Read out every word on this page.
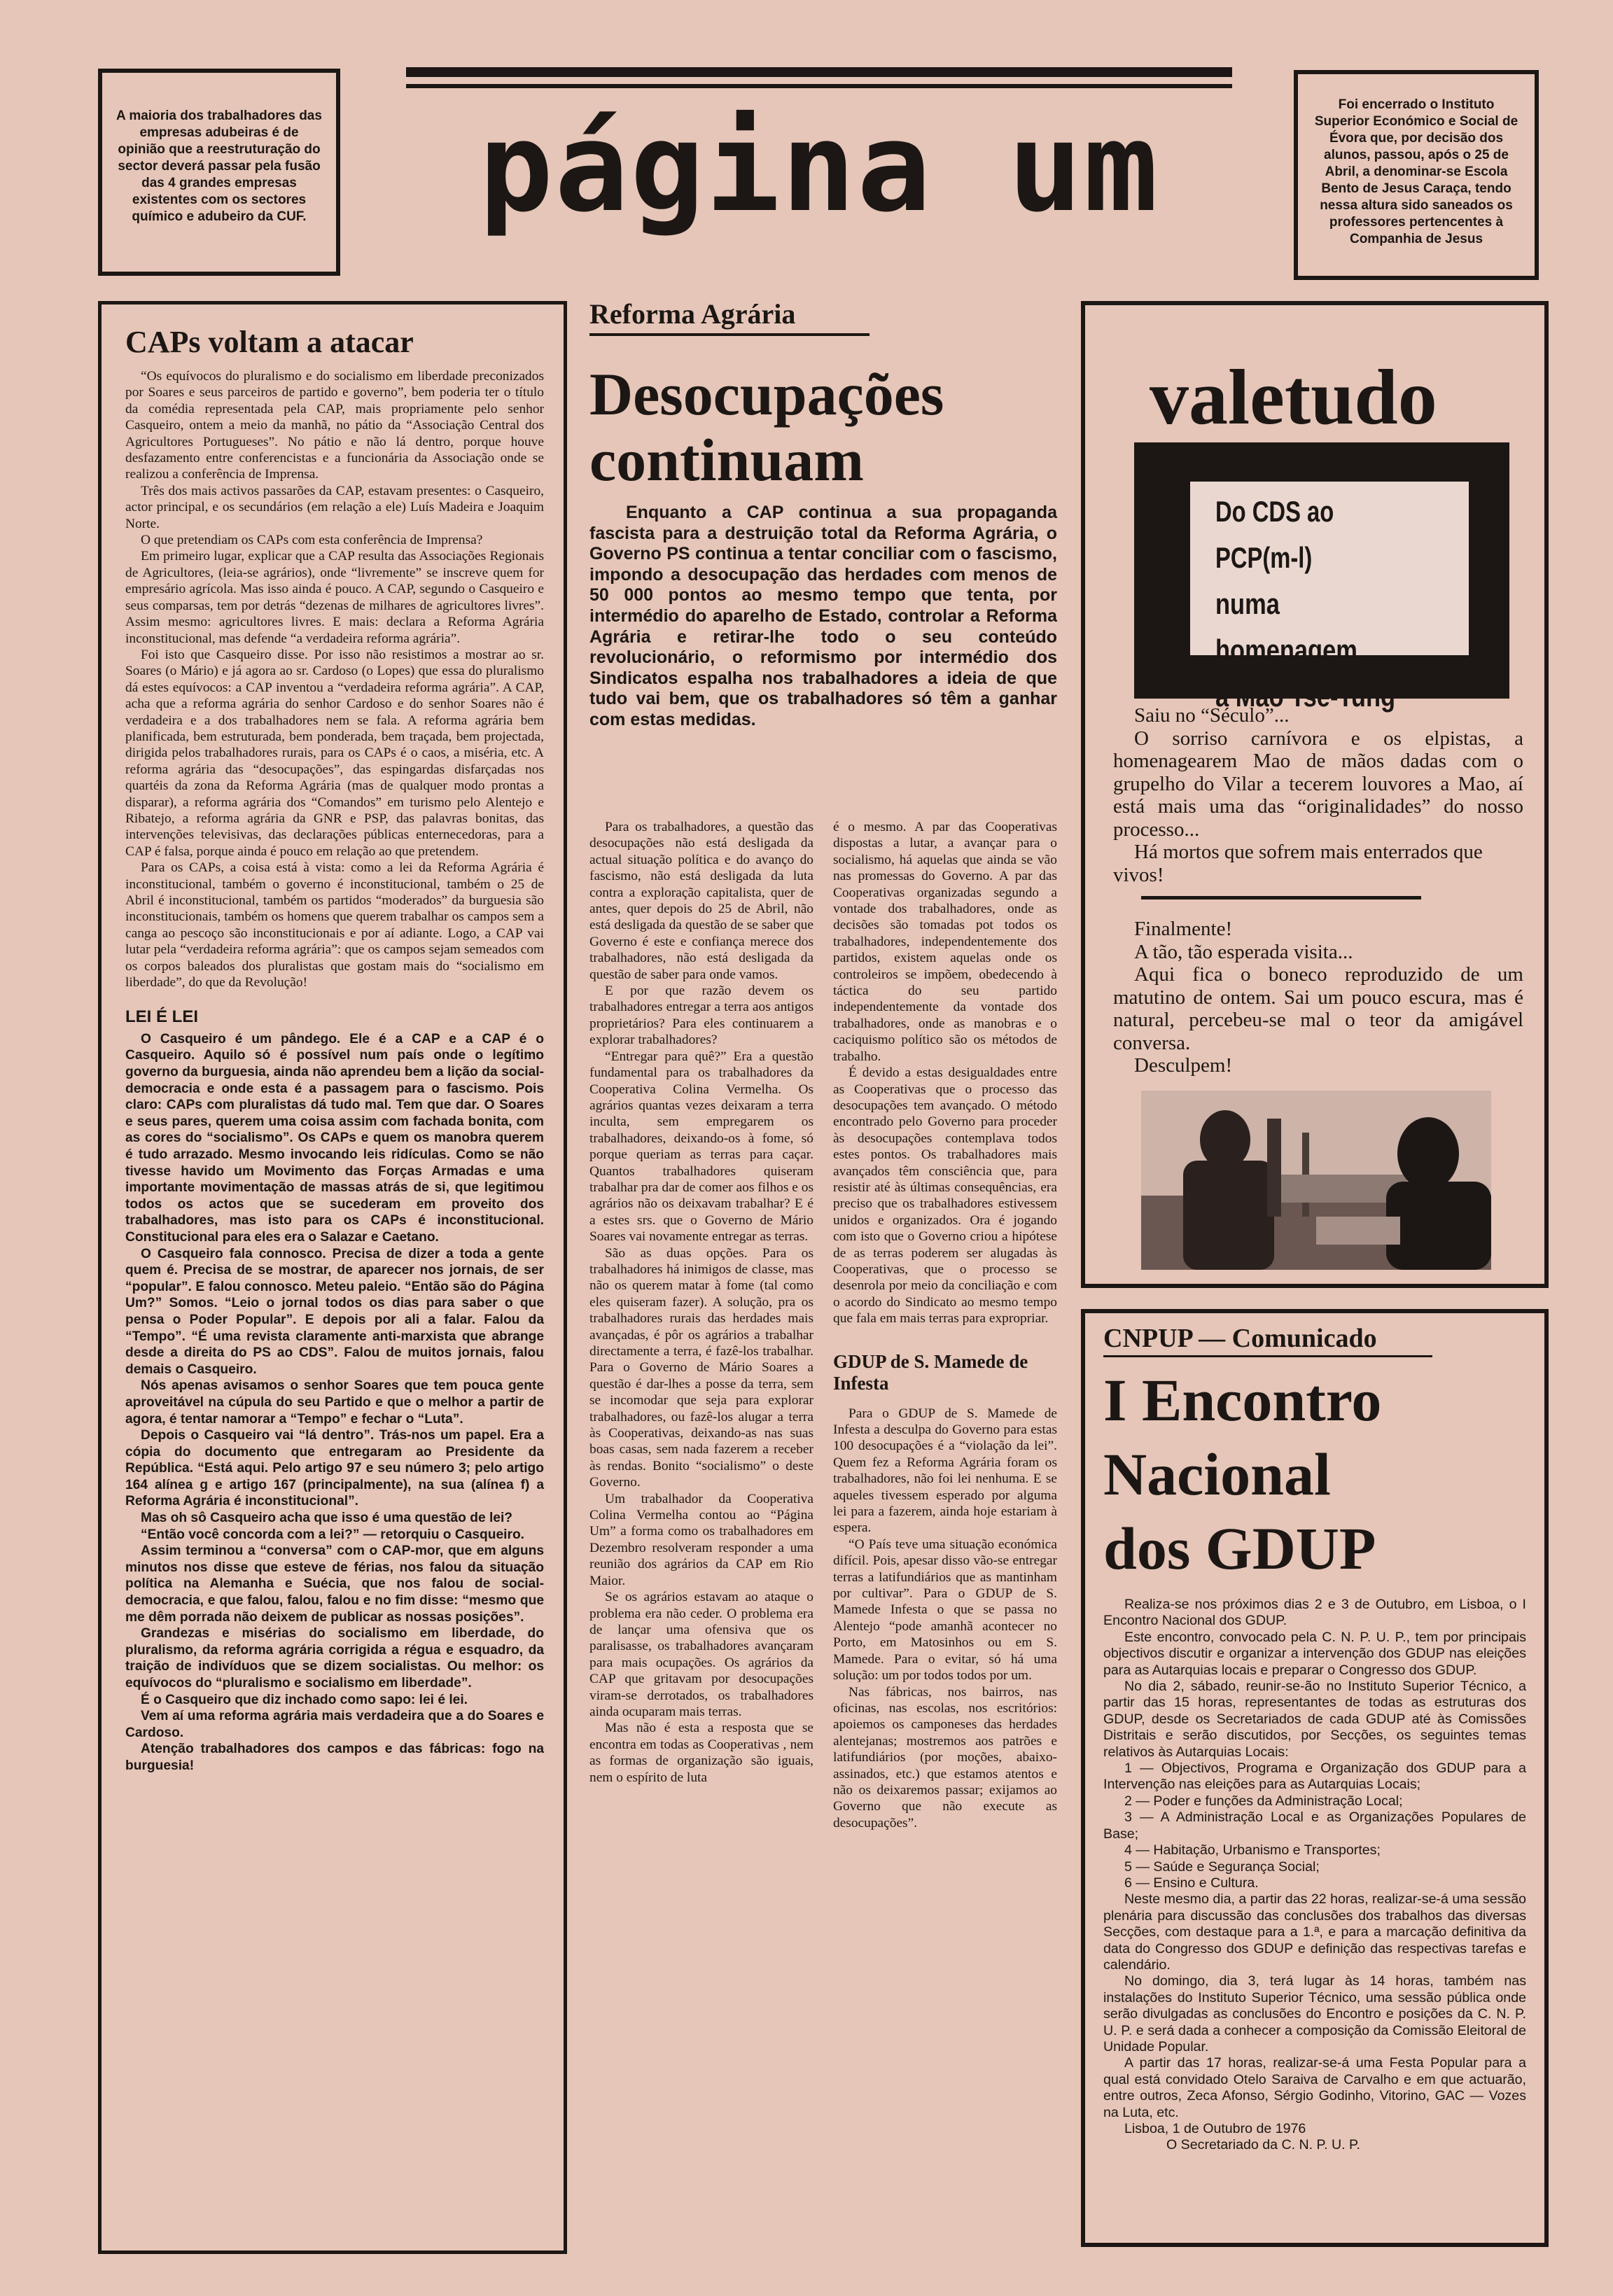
A maioria dos trabalhadores das empresas adubeiras é de opinião que a reestruturação do sector deverá passar pela fusão das 4 grandes empresas existentes com os sectores químico e adubeiro da CUF.	página um	Foi encerrado o Instituto Superior Económico e Social de Évora que, por decisão dos alunos, passou, após o 25 de Abril, a denominar-se Escola Bento de Jesus Caraça, tendo nessa altura sido saneados os professores pertencentes à Companhia de Jesus
CAPs voltam a atacar

“Os equívocos do pluralismo e do socialismo em liberdade preconizados por Soares e seus parceiros de partido e governo”, bem poderia ter o título da comédia representada pela CAP, mais propriamente pelo senhor Casqueiro, ontem a meio da manhã, no pátio da “Associação Central dos Agricultores Portugueses”. No pátio e não lá dentro, porque houve desfazamento entre conferencistas e a funcionária da Associação onde se realizou a conferência de Imprensa.

Três dos mais activos passarões da CAP, estavam presentes: o Casqueiro, actor principal, e os secundários (em relação a ele) Luís Madeira e Joaquim Norte.

O que pretendiam os CAPs com esta conferência de Imprensa?

Em primeiro lugar, explicar que a CAP resulta das Associações Regionais de Agricultores, (leia-se agrários), onde “livremente” se inscreve quem for empresário agrícola. Mas isso ainda é pouco. A CAP, segundo o Casqueiro e seus comparsas, tem por detrás “dezenas de milhares de agricultores livres”. Assim mesmo: agricultores livres. E mais: declara a Reforma Agrária inconstitucional, mas defende “a verdadeira reforma agrária”.

Foi isto que Casqueiro disse. Por isso não resistimos a mostrar ao sr. Soares (o Mário) e já agora ao sr. Cardoso (o Lopes) que essa do pluralismo dá estes equívocos: a CAP inventou a “verdadeira reforma agrária”. A CAP, acha que a reforma agrária do senhor Cardoso e do senhor Soares não é verdadeira e a dos trabalhadores nem se fala. A reforma agrária bem planificada, bem estruturada, bem ponderada, bem traçada, bem projectada, dirigida pelos trabalhadores rurais, para os CAPs é o caos, a miséria, etc. A reforma agrária das “desocupações”, das espingardas disfarçadas nos quartéis da zona da Reforma Agrária (mas de qualquer modo prontas a disparar), a reforma agrária dos “Comandos” em turismo pelo Alentejo e Ribatejo, a reforma agrária da GNR e PSP, das palavras bonitas, das intervenções televisivas, das declarações públicas enternecedoras, para a CAP é falsa, porque ainda é pouco em relação ao que pretendem.

Para os CAPs, a coisa está à vista: como a lei da Reforma Agrária é inconstitucional, também o governo é inconstitucional, também o 25 de Abril é inconstitucional, também os partidos “moderados” da burguesia são inconstitucionais, também os homens que querem trabalhar os campos sem a canga ao pescoço são inconstitucionais e por aí adiante. Logo, a CAP vai lutar pela “verdadeira reforma agrária”: que os campos sejam semeados com os corpos baleados dos pluralistas que gostam mais do “socialismo em liberdade”, do que da Revolução!

LEI É LEI

O Casqueiro é um pândego. Ele é a CAP e a CAP é o Casqueiro. Aquilo só é possível num país onde o legítimo governo da burguesia, ainda não aprendeu bem a lição da social-democracia e onde esta é a passagem para o fascismo. Pois claro: CAPs com pluralistas dá tudo mal. Tem que dar. O Soares e seus pares, querem uma coisa assim com fachada bonita, com as cores do “socialismo”. Os CAPs e quem os manobra querem é tudo arrazado. Mesmo invocando leis ridículas. Como se não tivesse havido um Movimento das Forças Armadas e uma importante movimentação de massas atrás de si, que legitimou todos os actos que se sucederam em proveito dos trabalhadores, mas isto para os CAPs é inconstitucional. Constitucional para eles era o Salazar e Caetano.

O Casqueiro fala connosco. Precisa de dizer a toda a gente quem é. Precisa de se mostrar, de aparecer nos jornais, de ser “popular”. E falou connosco. Meteu paleio. “Então são do Página Um?” Somos. “Leio o jornal todos os dias para saber o que pensa o Poder Popular”. E depois por ali a falar. Falou da “Tempo”. “É uma revista claramente anti-marxista que abrange desde a direita do PS ao CDS”. Falou de muitos jornais, falou demais o Casqueiro.

Nós apenas avisamos o senhor Soares que tem pouca gente aproveitável na cúpula do seu Partido e que o melhor a partir de agora, é tentar namorar a “Tempo” e fechar o “Luta”.

Depois o Casqueiro vai “lá dentro”. Trás-nos um papel. Era a cópia do documento que entregaram ao Presidente da República. “Está aqui. Pelo artigo 97 e seu número 3; pelo artigo 164 alínea g e artigo 167 (principalmente), na sua (alínea f) a Reforma Agrária é inconstitucional”.

Mas oh sô Casqueiro acha que isso é uma questão de lei?

“Então você concorda com a lei?” — retorquiu o Casqueiro.

Assim terminou a “conversa” com o CAP-mor, que em alguns minutos nos disse que esteve de férias, nos falou da situação política na Alemanha e Suécia, que nos falou de social-democracia, e que falou, falou, falou e no fim disse: “mesmo que me dêm porrada não deixem de publicar as nossas posições”.

Grandezas e misérias do socialismo em liberdade, do pluralismo, da reforma agrária corrigida a régua e esquadro, da traição de indivíduos que se dizem socialistas. Ou melhor: os equívocos do “pluralismo e socialismo em liberdade”.

É o Casqueiro que diz inchado como sapo: lei é lei.

Vem aí uma reforma agrária mais verdadeira que a do Soares e Cardoso.

Atenção trabalhadores dos campos e das fábricas: fogo na burguesia!

Reforma Agrária
Desocupações
continuam
Enquanto a CAP continua a sua propaganda fascista para a destruição total da Reforma Agrária, o Governo PS continua a tentar conciliar com o fascismo, impondo a desocupação das herdades com menos de 50 000 pontos ao mesmo tempo que tenta, por intermédio do aparelho de Estado, controlar a Reforma Agrária e retirar-lhe todo o seu conteúdo revolucionário, o reformismo por intermédio dos Sindicatos espalha nos trabalhadores a ideia de que tudo vai bem, que os trabalhadores só têm a ganhar com estas medidas.

Para os trabalhadores, a questão das desocupações não está desligada da actual situação política e do avanço do fascismo, não está desligada da luta contra a exploração capitalista, quer de antes, quer depois do 25 de Abril, não está desligada da questão de se saber que Governo é este e confiança merece dos trabalhadores, não está desligada da questão de saber para onde vamos.

E por que razão devem os trabalhadores entregar a terra aos antigos proprietários? Para eles continuarem a explorar trabalhadores?

“Entregar para quê?” Era a questão fundamental para os trabalhadores da Cooperativa Colina Vermelha. Os agrários quantas vezes deixaram a terra inculta, sem empregarem os trabalhadores, deixando-os à fome, só porque queriam as terras para caçar. Quantos trabalhadores quiseram trabalhar pra dar de comer aos filhos e os agrários não os deixavam trabalhar? E é a estes srs. que o Governo de Mário Soares vai novamente entregar as terras.

São as duas opções. Para os trabalhadores há inimigos de classe, mas não os querem matar à fome (tal como eles quiseram fazer). A solução, pra os trabalhadores rurais das herdades mais avançadas, é pôr os agrários a trabalhar directamente a terra, é fazê-los trabalhar. Para o Governo de Mário Soares a questão é dar-lhes a posse da terra, sem se incomodar que seja para explorar trabalhadores, ou fazê-los alugar a terra às Cooperativas, deixando-as nas suas boas casas, sem nada fazerem a receber às rendas. Bonito “socialismo” o deste Governo.

Um trabalhador da Cooperativa Colina Vermelha contou ao “Página Um” a forma como os trabalhadores em Dezembro resolveram responder a uma reunião dos agrários da CAP em Rio Maior.

Se os agrários estavam ao ataque o problema era não ceder. O problema era de lançar uma ofensiva que os paralisasse, os trabalhadores avançaram para mais ocupações. Os agrários da CAP que gritavam por desocupações viram-se derrotados, os trabalhadores ainda ocuparam mais terras.

Mas não é esta a resposta que se encontra em todas as Cooperativas , nem as formas de organização são iguais, nem o espírito de luta

é o mesmo. A par das Cooperativas dispostas a lutar, a avançar para o socialismo, há aquelas que ainda se vão nas promessas do Governo. A par das Cooperativas organizadas segundo a vontade dos trabalhadores, onde as decisões são tomadas pot todos os trabalhadores, independentemente dos partidos, existem aquelas onde os controleiros se impõem, obedecendo à táctica do seu partido independentemente da vontade dos trabalhadores, onde as manobras e o caciquismo político são os métodos de trabalho.

É devido a estas desigualdades entre as Cooperativas que o processo das desocupações tem avançado. O método encontrado pelo Governo para proceder às desocupações contemplava todos estes pontos. Os trabalhadores mais avançados têm consciência que, para resistir até às últimas consequências, era preciso que os trabalhadores estivessem unidos e organizados. Ora é jogando com isto que o Governo criou a hipótese de as terras poderem ser alugadas às Cooperativas, que o processo se desenrola por meio da conciliação e com o acordo do Sindicato ao mesmo tempo que fala em mais terras para expropriar.

GDUP de S. Mamede de Infesta

Para o GDUP de S. Mamede de Infesta a desculpa do Governo para estas 100 desocupações é a “violação da lei”. Quem fez a Reforma Agrária foram os trabalhadores, não foi lei nenhuma. E se aqueles tivessem esperado por alguma lei para a fazerem, ainda hoje estariam à espera.

“O País teve uma situação económica difícil. Pois, apesar disso vão-se entregar terras a latifundiários que as mantinham por cultivar”. Para o GDUP de S. Mamede Infesta o que se passa no Alentejo “pode amanhã acontecer no Porto, em Matosinhos ou em S. Mamede. Para o evitar, só há uma solução: um por todos todos por um.

Nas fábricas, nos bairros, nas oficinas, nas escolas, nos escritórios: apoiemos os camponeses das herdades alentejanas; mostremos aos patrões e latifundiários (por moções, abaixo-assinados, etc.) que estamos atentos e não os deixaremos passar; exijamos ao Governo que não execute as desocupações”.

valetudo
Do CDS ao PCP(m-l)
numa homenagem
a Mao Tse-Tung
Saiu no “Século”...
O sorriso carnívora e os elpistas, a homenagearem Mao de mãos dadas com o grupelho do Vilar a tecerem louvores a Mao, aí está mais uma das “originalidades” do nosso processo...
Há mortos que sofrem mais enterrados que vivos!
Finalmente!
A tão, tão esperada visita...
Aqui fica o boneco reproduzido de um matutino de ontem. Sai um pouco escura, mas é natural, percebeu-se mal o teor da amigável conversa.
Desculpem!
CNPUP — Comunicado
I Encontro Nacional dos GDUP
Realiza-se nos próximos dias 2 e 3 de Outubro, em Lisboa, o I Encontro Nacional dos GDUP.
Este encontro, convocado pela C. N. P. U. P., tem por principais objectivos discutir e organizar a intervenção dos GDUP nas eleições para as Autarquias locais e preparar o Congresso dos GDUP.
No dia 2, sábado, reunir-se-ão no Instituto Superior Técnico, a partir das 15 horas, representantes de todas as estruturas dos GDUP, desde os Secretariados de cada GDUP até às Comissões Distritais e serão discutidos, por Secções, os seguintes temas relativos às Autarquias Locais:
1 — Objectivos, Programa e Organização dos GDUP para a Intervenção nas eleições para as Autarquias Locais;
2 — Poder e funções da Administração Local;
3 — A Administração Local e as Organizações Populares de Base;
4 — Habitação, Urbanismo e Transportes;
5 — Saúde e Segurança Social;
6 — Ensino e Cultura.
Neste mesmo dia, a partir das 22 horas, realizar-se-á uma sessão plenária para discussão das conclusões dos trabalhos das diversas Secções, com destaque para a 1.ª, e para a marcação definitiva da data do Congresso dos GDUP e definição das respectivas tarefas e calendário.
No domingo, dia 3, terá lugar às 14 horas, também nas instalações do Instituto Superior Técnico, uma sessão pública onde serão divulgadas as conclusões do Encontro e posições da C. N. P. U. P. e será dada a conhecer a composição da Comissão Eleitoral de Unidade Popular.
A partir das 17 horas, realizar-se-á uma Festa Popular para a qual está convidado Otelo Saraiva de Carvalho e em que actuarão, entre outros, Zeca Afonso, Sérgio Godinho, Vitorino, GAC — Vozes na Luta, etc.
Lisboa, 1 de Outubro de 1976
O Secretariado da C. N. P. U. P.
